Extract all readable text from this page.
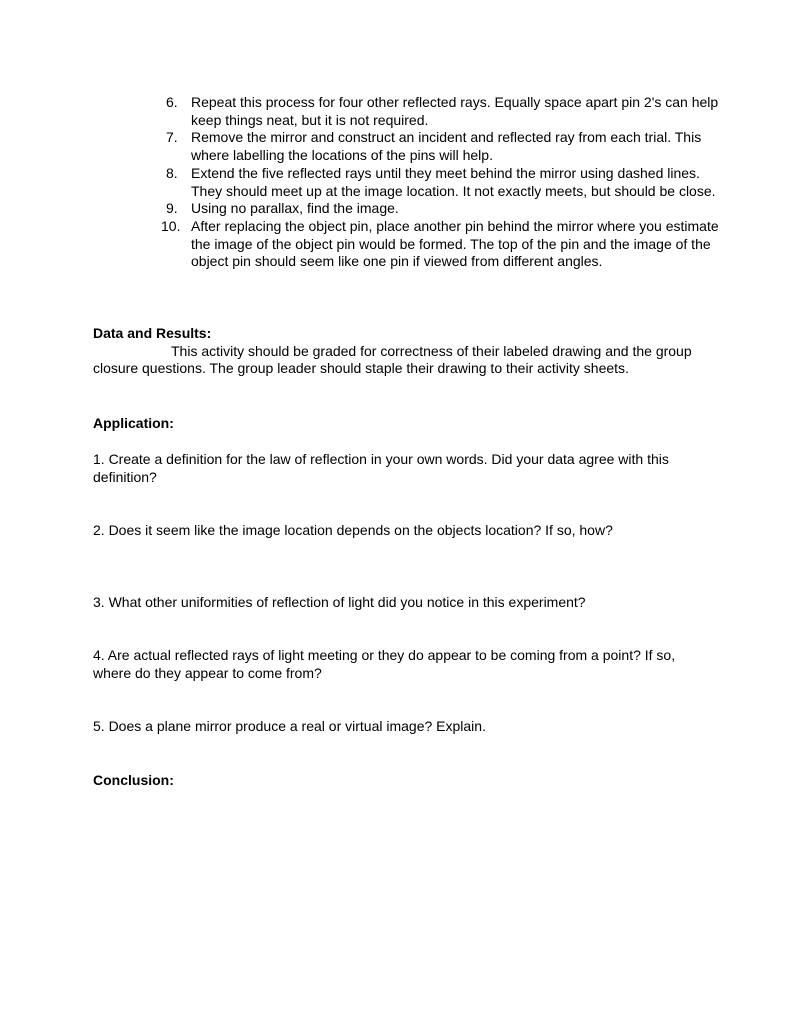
6. Repeat this process for four other reflected rays. Equally space apart pin 2's can help keep things neat, but it is not required.
7. Remove the mirror and construct an incident and reflected ray from each trial. This where labelling the locations of the pins will help.
8. Extend the five reflected rays until they meet behind the mirror using dashed lines. They should meet up at the image location. It not exactly meets, but should be close.
9. Using no parallax, find the image.
10. After replacing the object pin, place another pin behind the mirror where you estimate the image of the object pin would be formed. The top of the pin and the image of the object pin should seem like one pin if viewed from different angles.
Data and Results:
This activity should be graded for correctness of their labeled drawing and the group closure questions. The group leader should staple their drawing to their activity sheets.
Application:
1. Create a definition for the law of reflection in your own words. Did your data agree with this definition?
2. Does it seem like the image location depends on the objects location? If so, how?
3. What other uniformities of reflection of light did you notice in this experiment?
4. Are actual reflected rays of light meeting or they do appear to be coming from a point? If so, where do they appear to come from?
5. Does a plane mirror produce a real or virtual image? Explain.
Conclusion:
